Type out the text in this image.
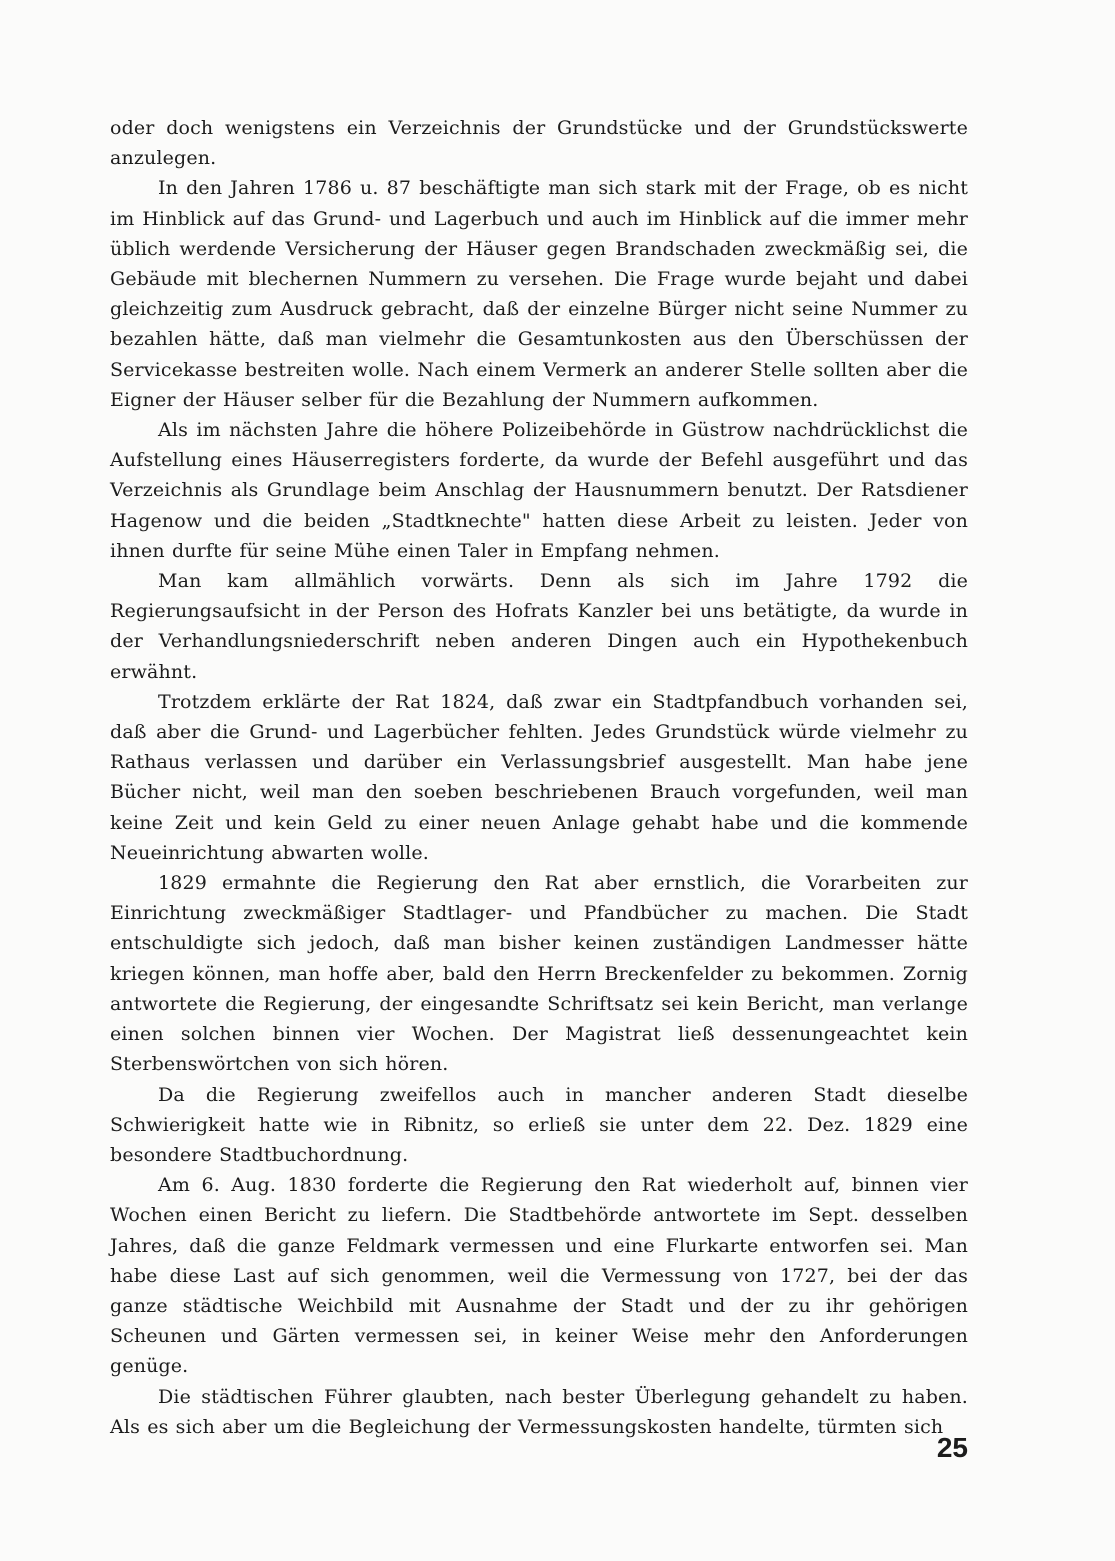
oder doch wenigstens ein Verzeichnis der Grundstücke und der Grundstückswerte anzulegen.

In den Jahren 1786 u. 87 beschäftigte man sich stark mit der Frage, ob es nicht im Hinblick auf das Grund- und Lagerbuch und auch im Hinblick auf die immer mehr üblich werdende Versicherung der Häuser gegen Brandschaden zweckmäßig sei, die Gebäude mit blechernen Nummern zu versehen. Die Frage wurde bejaht und dabei gleichzeitig zum Ausdruck gebracht, daß der einzelne Bürger nicht seine Nummer zu bezahlen hätte, daß man vielmehr die Gesamtunkosten aus den Überschüssen der Servicekasse bestreiten wolle. Nach einem Vermerk an anderer Stelle sollten aber die Eigner der Häuser selber für die Bezahlung der Nummern aufkommen.

Als im nächsten Jahre die höhere Polizeibehörde in Güstrow nachdrücklichst die Aufstellung eines Häuserregisters forderte, da wurde der Befehl ausgeführt und das Verzeichnis als Grundlage beim Anschlag der Hausnummern benutzt. Der Ratsdiener Hagenow und die beiden „Stadtknechte" hatten diese Arbeit zu leisten. Jeder von ihnen durfte für seine Mühe einen Taler in Empfang nehmen.

Man kam allmählich vorwärts. Denn als sich im Jahre 1792 die Regierungsaufsicht in der Person des Hofrats Kanzler bei uns betätigte, da wurde in der Verhandlungsniederschrift neben anderen Dingen auch ein Hypothekenbuch erwähnt.

Trotzdem erklärte der Rat 1824, daß zwar ein Stadtpfandbuch vorhanden sei, daß aber die Grund- und Lagerbücher fehlten. Jedes Grundstück würde vielmehr zu Rathaus verlassen und darüber ein Verlassungsbrief ausgestellt. Man habe jene Bücher nicht, weil man den soeben beschriebenen Brauch vorgefunden, weil man keine Zeit und kein Geld zu einer neuen Anlage gehabt habe und die kommende Neueinrichtung abwarten wolle.

1829 ermahnte die Regierung den Rat aber ernstlich, die Vorarbeiten zur Einrichtung zweckmäßiger Stadtlager- und Pfandbücher zu machen. Die Stadt entschuldigte sich jedoch, daß man bisher keinen zuständigen Landmesser hätte kriegen können, man hoffe aber, bald den Herrn Breckenfelder zu bekommen. Zornig antwortete die Regierung, der eingesandte Schriftsatz sei kein Bericht, man verlange einen solchen binnen vier Wochen. Der Magistrat ließ dessenungeachtet kein Sterbenswörtchen von sich hören.

Da die Regierung zweifellos auch in mancher anderen Stadt dieselbe Schwierigkeit hatte wie in Ribnitz, so erließ sie unter dem 22. Dez. 1829 eine besondere Stadtbuchordnung.

Am 6. Aug. 1830 forderte die Regierung den Rat wiederholt auf, binnen vier Wochen einen Bericht zu liefern. Die Stadtbehörde antwortete im Sept. desselben Jahres, daß die ganze Feldmark vermessen und eine Flurkarte entworfen sei. Man habe diese Last auf sich genommen, weil die Vermessung von 1727, bei der das ganze städtische Weichbild mit Ausnahme der Stadt und der zu ihr gehörigen Scheunen und Gärten vermessen sei, in keiner Weise mehr den Anforderungen genüge.

Die städtischen Führer glaubten, nach bester Überlegung gehandelt zu haben. Als es sich aber um die Begleichung der Vermessungskosten handelte, türmten sich

25
